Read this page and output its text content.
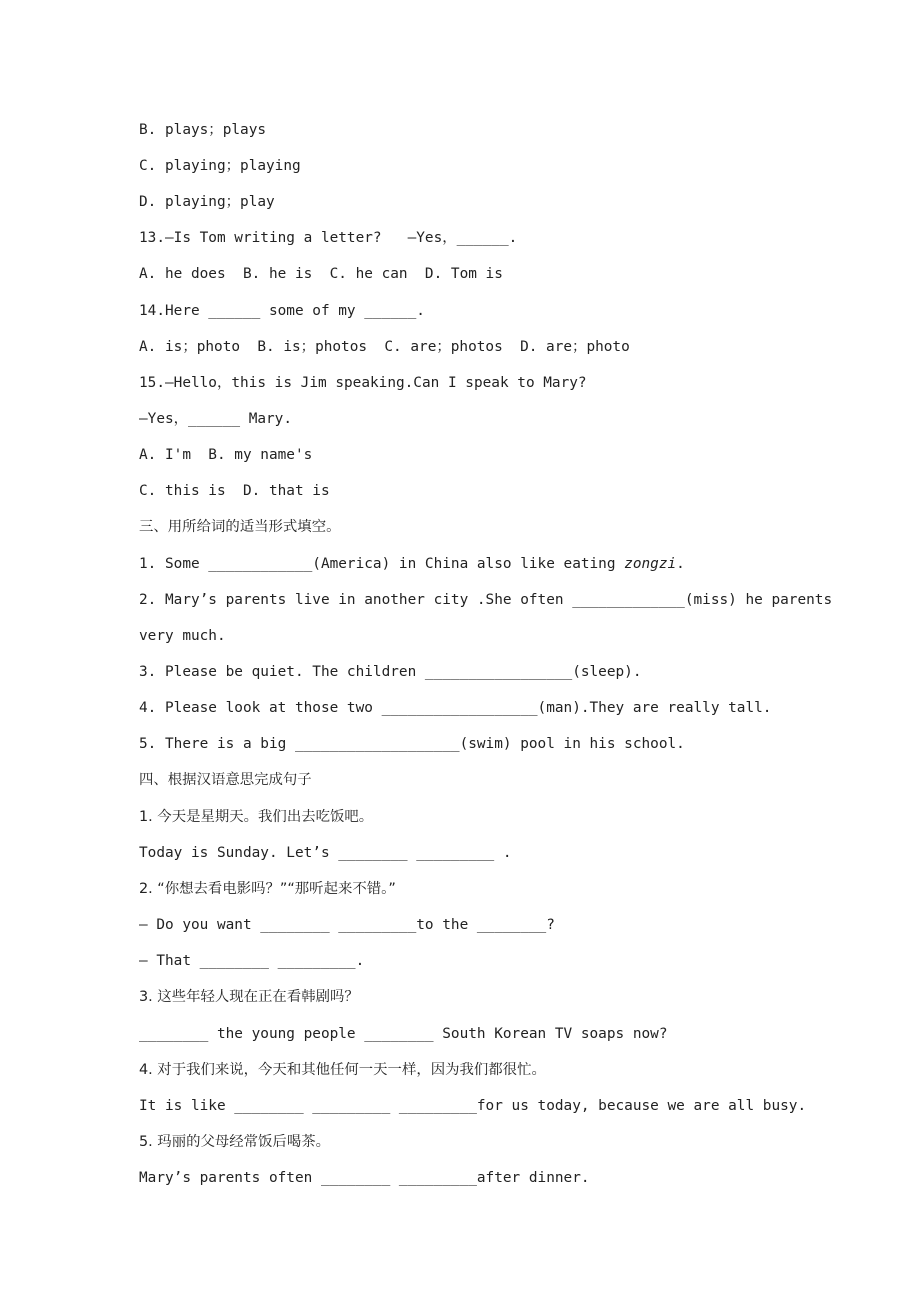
B. plays；plays
C. playing；playing
D. playing；play
13.—Is Tom writing a letter?   —Yes，______.
A. he does  B. he is  C. he can  D. Tom is
14.Here ______ some of my ______.
A. is；photo  B. is；photos  C. are；photos  D. are；photo
15.—Hello，this is Jim speaking.Can I speak to Mary?
—Yes，______ Mary.
A. I'm  B. my name's
C. this is  D. that is
三、用所给词的适当形式填空。
1. Some ____________(America) in China also like eating zongzi.
2. Mary’s parents live in another city .She often _____________(miss) he parents
very much.
3. Please be quiet. The children _________________(sleep).
4. Please look at those two __________________(man).They are really tall.
5. There is a big ___________________(swim) pool in his school.
四、根据汉语意思完成句子
1. 今天是星期天。我们出去吃饭吧。
Today is Sunday. Let’s ________ _________ .
2. “你想去看电影吗？”“那听起来不错。”
— Do you want ________ _________to the ________?
— That ________ _________.
3. 这些年轻人现在正在看韩剧吗？
________ the young people ________ South Korean TV soaps now?
4. 对于我们来说，今天和其他任何一天一样，因为我们都很忙。
It is like ________ _________ _________for us today, because we are all busy.
5. 玛丽的父母经常饭后喝茶。
Mary’s parents often ________ _________after dinner.
